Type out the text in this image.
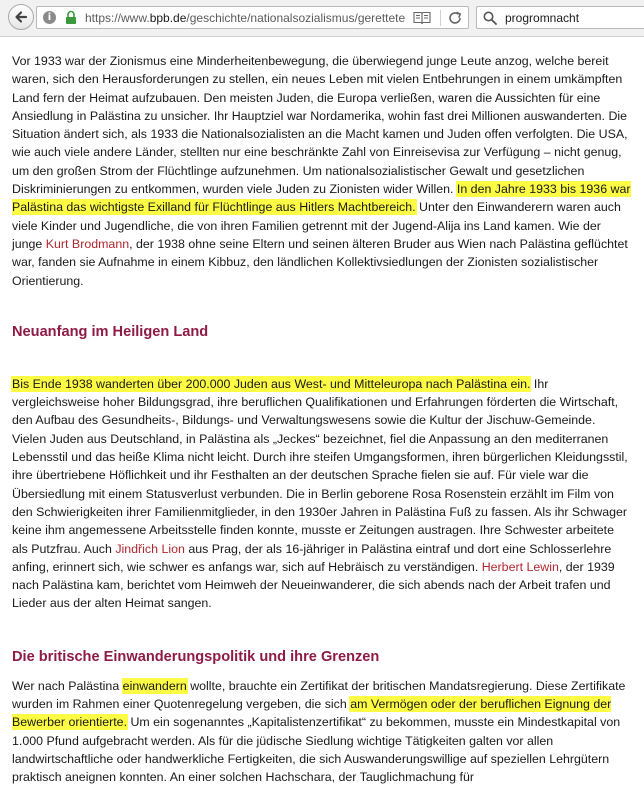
i	https://www.bpb.de/geschichte/nationalsozialismus/gerettete	progromnacht

Vor 1933 war der Zionismus eine Minderheitenbewegung, die überwiegend junge Leute anzog, welche bereit waren, sich den Herausforderungen zu stellen, ein neues Leben mit vielen Entbehrungen in einem umkämpften Land fern der Heimat aufzubauen. Den meisten Juden, die Europa verließen, waren die Aussichten für eine Ansiedlung in Palästina zu unsicher. Ihr Hauptziel war Nordamerika, wohin fast drei Millionen auswanderten. Die Situation ändert sich, als 1933 die Nationalsozialisten an die Macht kamen und Juden offen verfolgten. Die USA, wie auch viele andere Länder, stellten nur eine beschränkte Zahl von Einreisevisa zur Verfügung – nicht genug, um den großen Strom der Flüchtlinge aufzunehmen. Um nationalsozialistischer Gewalt und gesetzlichen Diskriminierungen zu entkommen, wurden viele Juden zu Zionisten wider Willen. In den Jahre 1933 bis 1936 war Palästina das wichtigste Exilland für Flüchtlinge aus Hitlers Machtbereich. Unter den Einwanderern waren auch viele Kinder und Jugendliche, die von ihren Familien getrennt mit der Jugend-Alija ins Land kamen. Wie der junge Kurt Brodmann, der 1938 ohne seine Eltern und seinen älteren Bruder aus Wien nach Palästina geflüchtet war, fanden sie Aufnahme in einem Kibbuz, den ländlichen Kollektivsiedlungen der Zionisten sozialistischer Orientierung.

Neuanfang im Heiligen Land

Bis Ende 1938 wanderten über 200.000 Juden aus West- und Mitteleuropa nach Palästina ein. Ihr vergleichsweise hoher Bildungsgrad, ihre beruflichen Qualifikationen und Erfahrungen förderten die Wirtschaft, den Aufbau des Gesundheits-, Bildungs- und Verwaltungswesens sowie die Kultur der Jischuw-Gemeinde. Vielen Juden aus Deutschland, in Palästina als „Jeckes“ bezeichnet, fiel die Anpassung an den mediterranen Lebensstil und das heiße Klima nicht leicht. Durch ihre steifen Umgangsformen, ihren bürgerlichen Kleidungsstil, ihre übertriebene Höflichkeit und ihr Festhalten an der deutschen Sprache fielen sie auf. Für viele war die Übersiedlung mit einem Statusverlust verbunden. Die in Berlin geborene Rosa Rosenstein erzählt im Film von den Schwierigkeiten ihrer Familienmitglieder, in den 1930er Jahren in Palästina Fuß zu fassen. Als ihr Schwager keine ihm angemessene Arbeitsstelle finden konnte, musste er Zeitungen austragen. Ihre Schwester arbeitete als Putzfrau. Auch Jindřich Lion aus Prag, der als 16-jähriger in Palästina eintraf und dort eine Schlosserlehre anfing, erinnert sich, wie schwer es anfangs war, sich auf Hebräisch zu verständigen. Herbert Lewin, der 1939 nach Palästina kam, berichtet vom Heimweh der Neueinwanderer, die sich abends nach der Arbeit trafen und Lieder aus der alten Heimat sangen.

Die britische Einwanderungspolitik und ihre Grenzen

Wer nach Palästina einwandern wollte, brauchte ein Zertifikat der britischen Mandatsregierung. Diese Zertifikate wurden im Rahmen einer Quotenregelung vergeben, die sich am Vermögen oder der beruflichen Eignung der Bewerber orientierte. Um ein sogenanntes „Kapitalistenzertifikat“ zu bekommen, musste ein Mindestkapital von 1.000 Pfund aufgebracht werden. Als für die jüdische Siedlung wichtige Tätigkeiten galten vor allen landwirtschaftliche oder handwerkliche Fertigkeiten, die sich Auswanderungswillige auf speziellen Lehrgütern praktisch aneignen konnten. An einer solchen Hachscharа, der Tauglichmachung für
